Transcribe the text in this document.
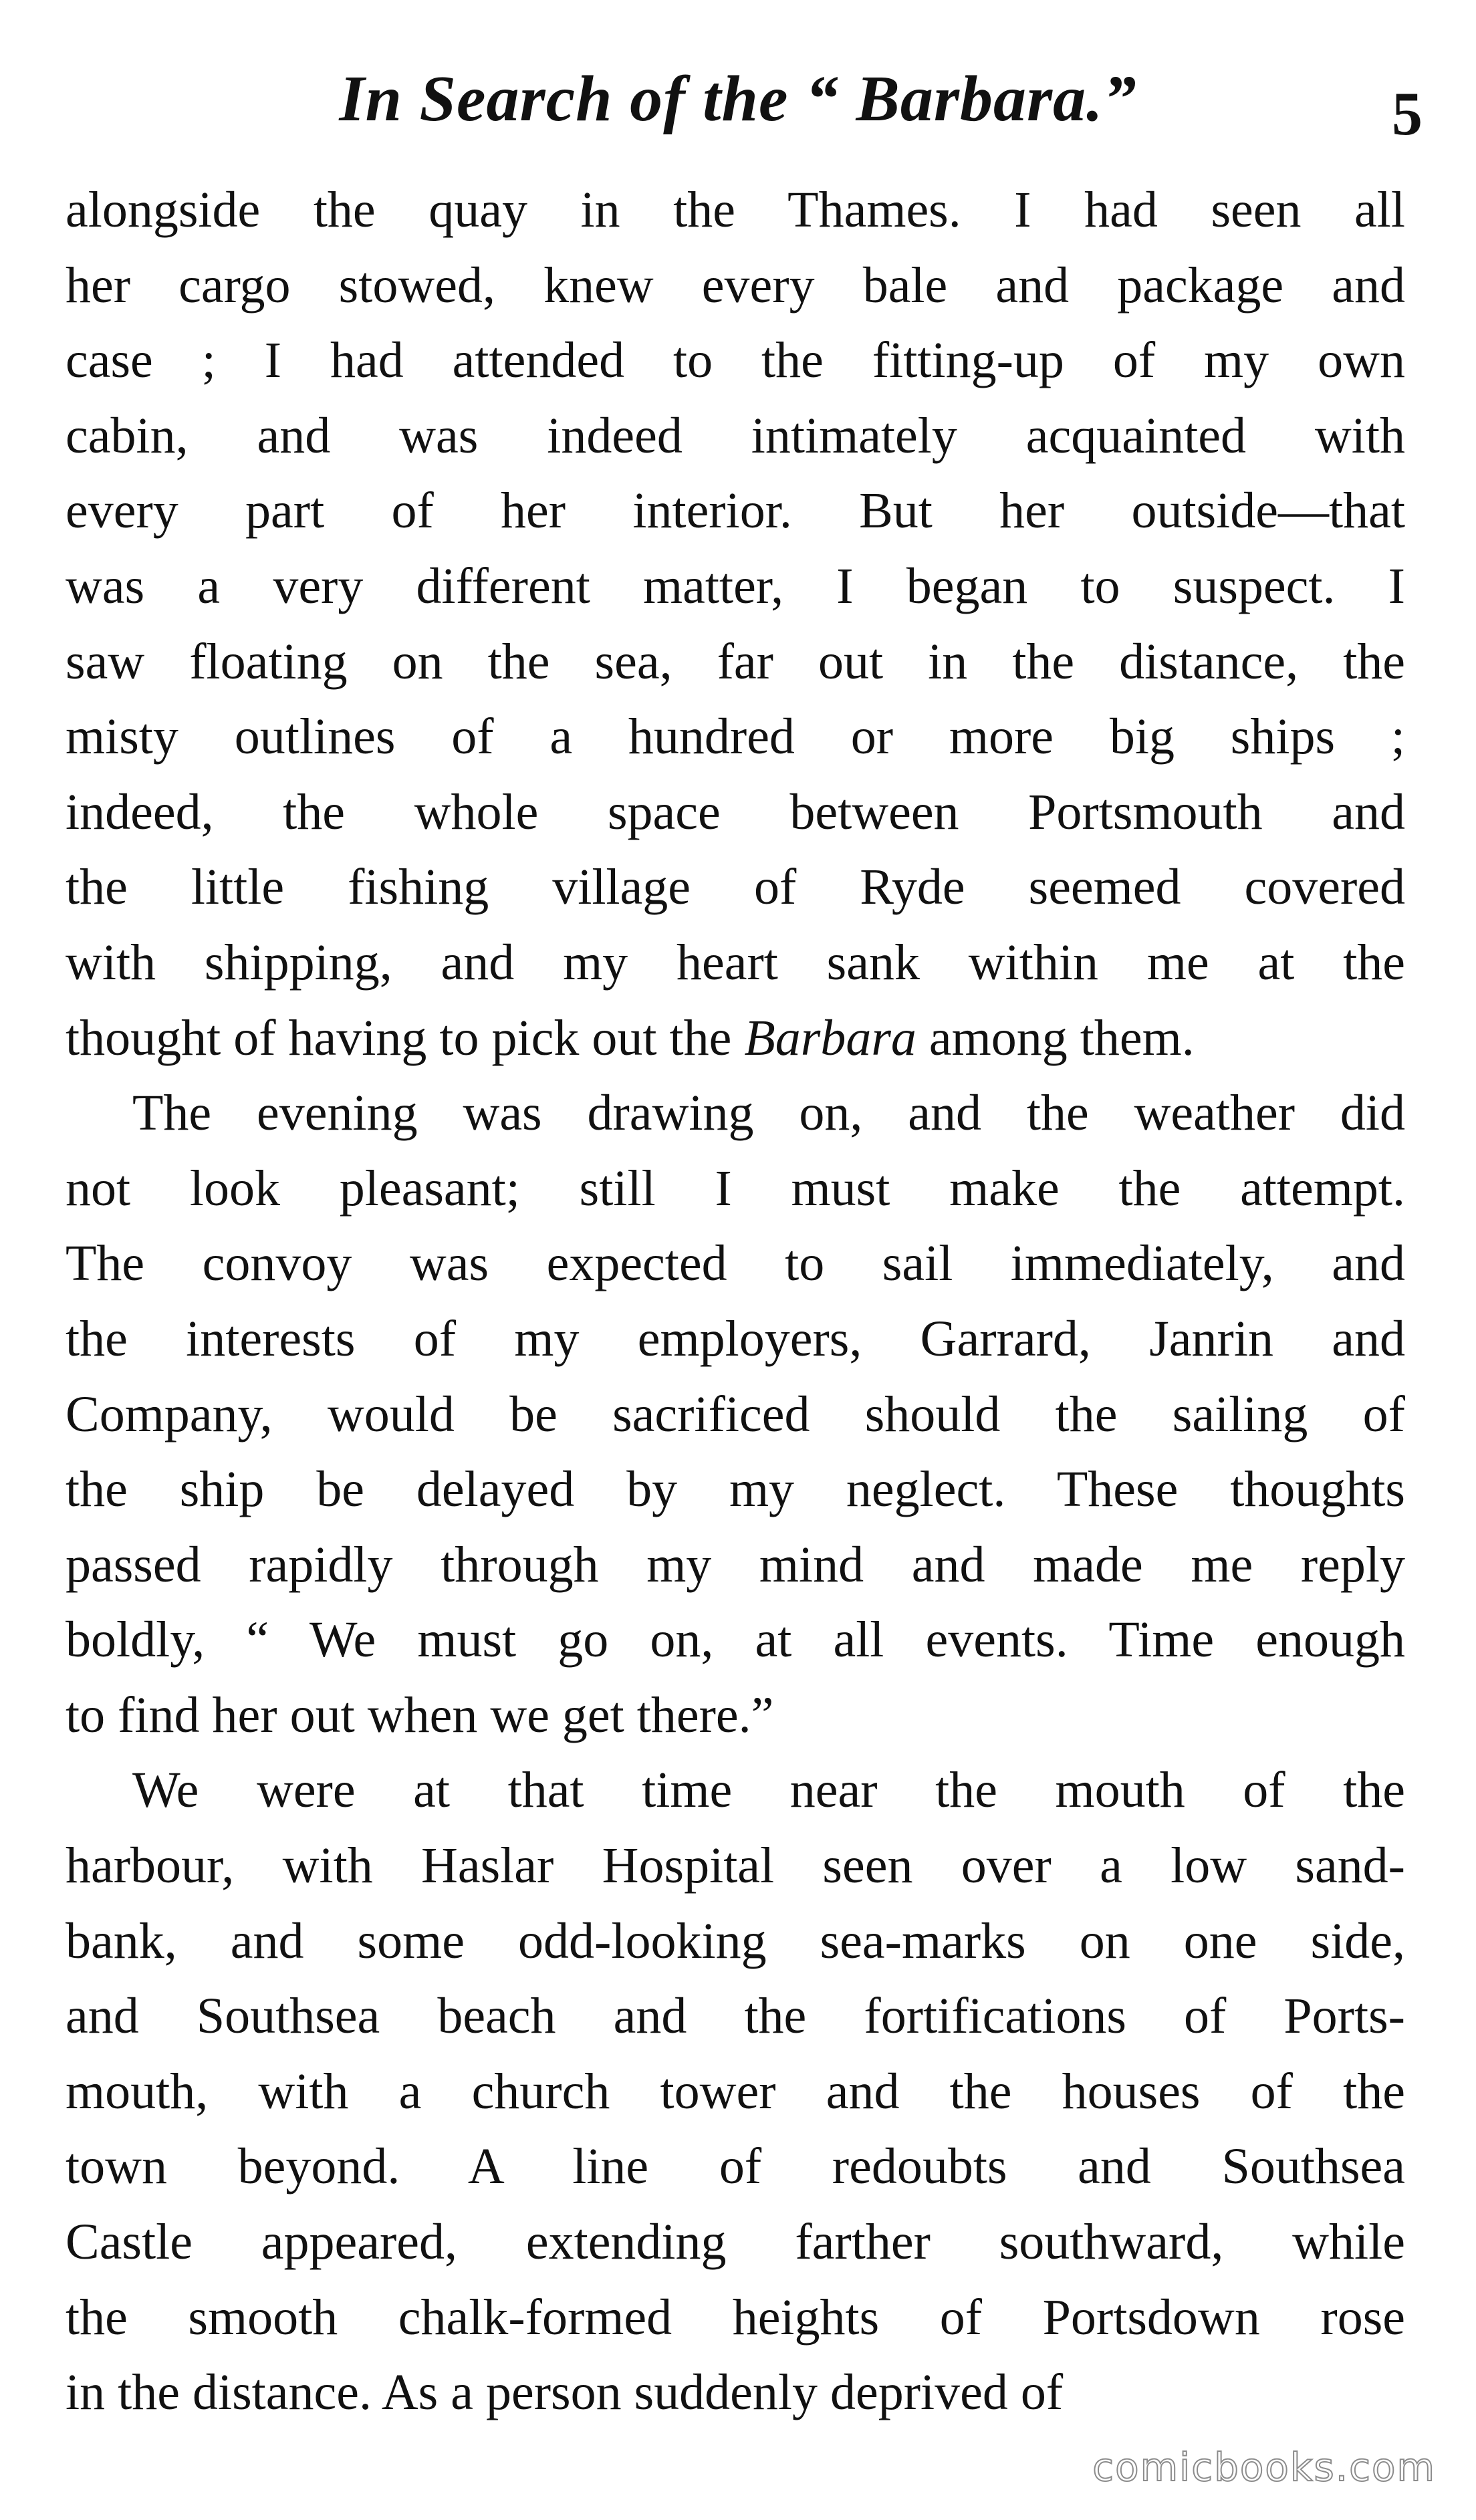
In Search of the “ Barbara.”	5
alongside the quay in the Thames. I had seen all
her cargo stowed, knew every bale and package and
case ; I had attended to the fitting-up of my own
cabin, and was indeed intimately acquainted with
every part of her interior. But her outside—that
was a very different matter, I began to suspect. I
saw floating on the sea, far out in the distance, the
misty outlines of a hundred or more big ships ;
indeed, the whole space between Portsmouth and
the little fishing village of Ryde seemed covered
with shipping, and my heart sank within me at the
thought of having to pick out the Barbara among them.
The evening was drawing on, and the weather did
not look pleasant; still I must make the attempt.
The convoy was expected to sail immediately, and
the interests of my employers, Garrard, Janrin and
Company, would be sacrificed should the sailing of
the ship be delayed by my neglect. These thoughts
passed rapidly through my mind and made me reply
boldly, “ We must go on, at all events. Time enough
to find her out when we get there.”
We were at that time near the mouth of the
harbour, with Haslar Hospital seen over a low sand-
bank, and some odd-looking sea-marks on one side,
and Southsea beach and the fortifications of Ports-
mouth, with a church tower and the houses of the
town beyond. A line of redoubts and Southsea
Castle appeared, extending farther southward, while
the smooth chalk-formed heights of Portsdown rose
in the distance. As a person suddenly deprived of
comicbooks.com
